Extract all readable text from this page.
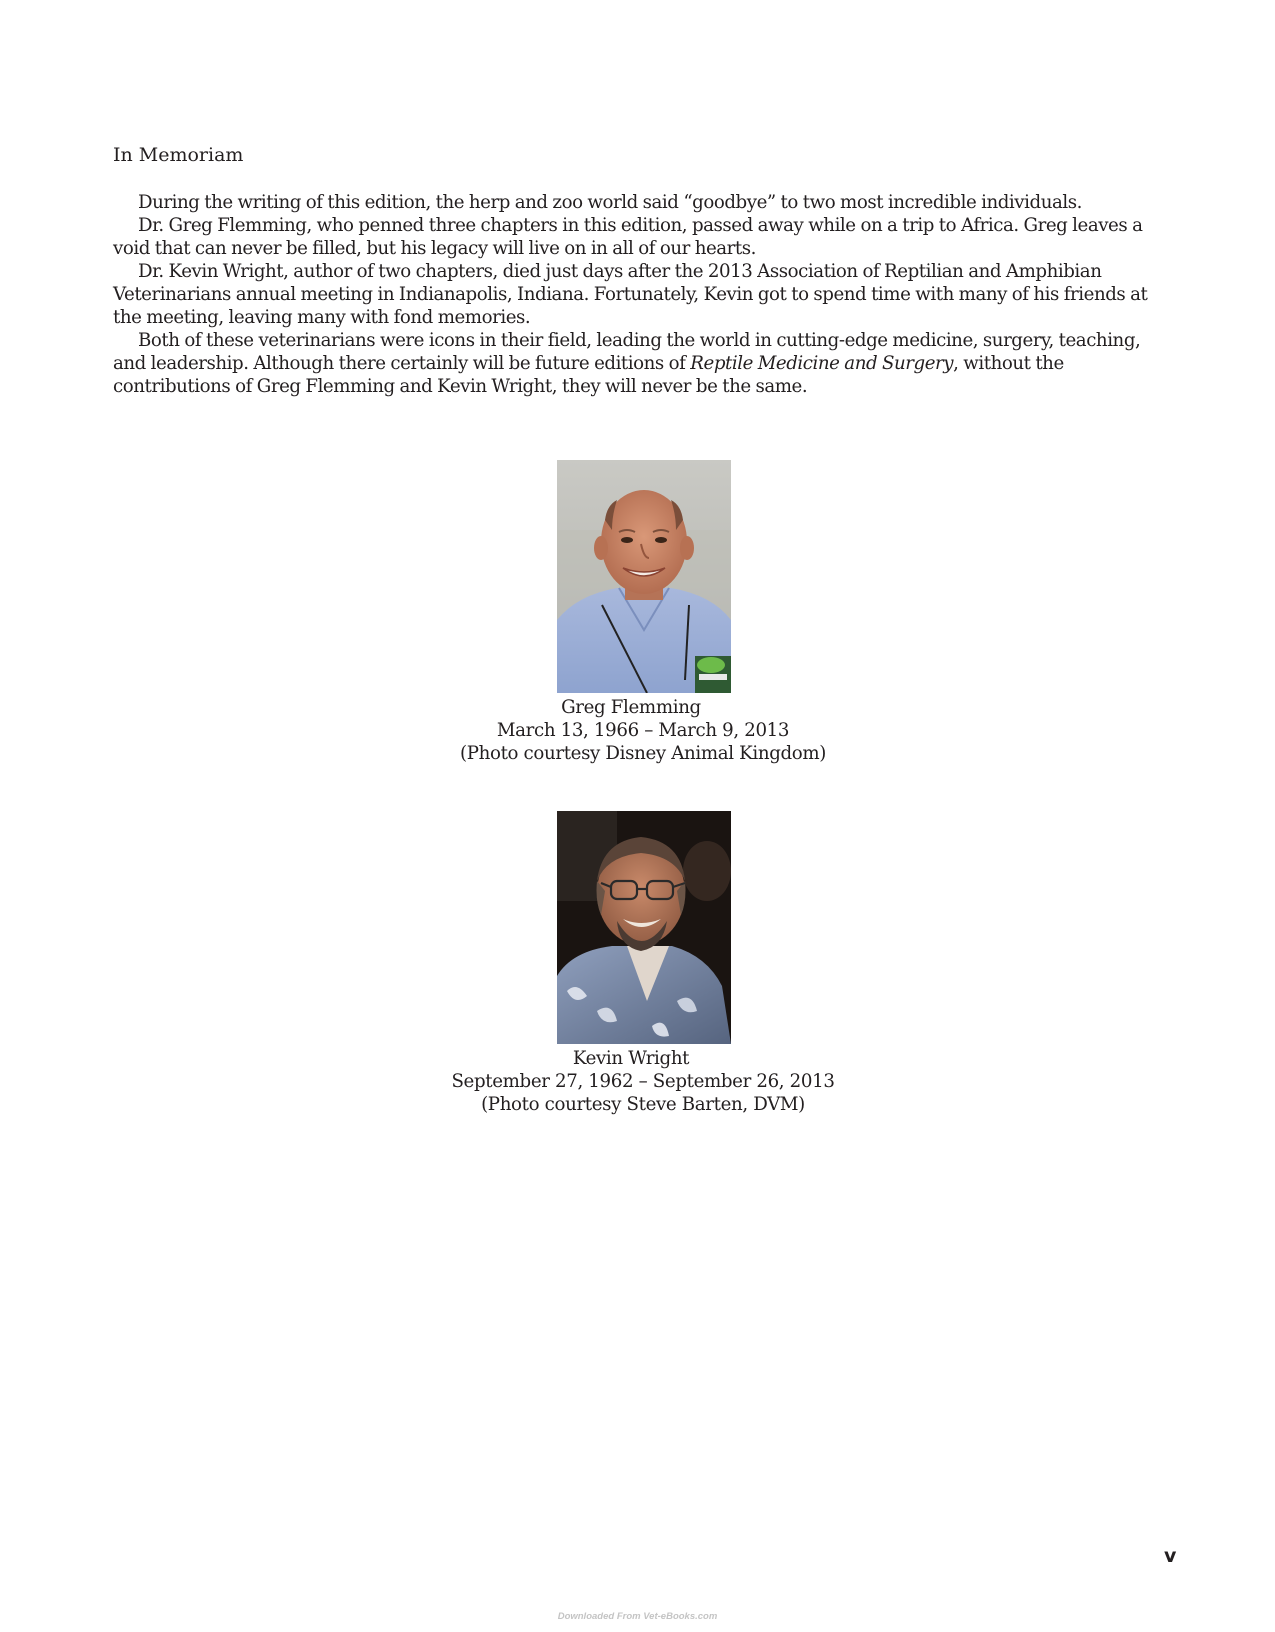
In Memoriam

During the writing of this edition, the herp and zoo world said “goodbye” to two most incredible individuals.

Dr. Greg Flemming, who penned three chapters in this edition, passed away while on a trip to Africa. Greg leaves a void that can never be filled, but his legacy will live on in all of our hearts.

Dr. Kevin Wright, author of two chapters, died just days after the 2013 Association of Reptilian and Amphibian Veterinarians annual meeting in Indianapolis, Indiana. Fortunately, Kevin got to spend time with many of his friends at the meeting, leaving many with fond memories.

Both of these veterinarians were icons in their field, leading the world in cutting-edge medicine, surgery, teaching, and leadership. Although there certainly will be future editions of Reptile Medicine and Surgery, without the contributions of Greg Flemming and Kevin Wright, they will never be the same.

Greg Flemming
March 13, 1966 – March 9, 2013
(Photo courtesy Disney Animal Kingdom)
Kevin Wright
September 27, 1962 – September 26, 2013
(Photo courtesy Steve Barten, DVM)
v
Downloaded From Vet-eBooks.com
